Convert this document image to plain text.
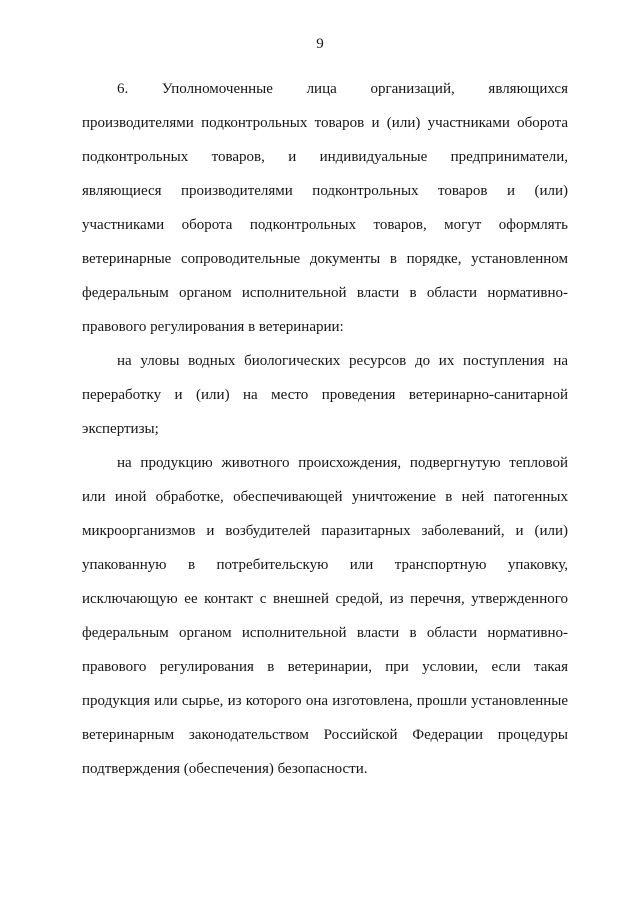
9
6. Уполномоченные лица организаций, являющихся
производителями подконтрольных товаров и (или) участниками оборота
подконтрольных товаров, и индивидуальные предприниматели,
являющиеся производителями подконтрольных товаров и (или)
участниками оборота подконтрольных товаров, могут оформлять
ветеринарные сопроводительные документы в порядке, установленном
федеральным органом исполнительной власти в области нормативно-
правового регулирования в ветеринарии:
на уловы водных биологических ресурсов до их поступления на
переработку и (или) на место проведения ветеринарно-санитарной
экспертизы;
на продукцию животного происхождения, подвергнутую тепловой
или иной обработке, обеспечивающей уничтожение в ней патогенных
микроорганизмов и возбудителей паразитарных заболеваний, и (или)
упакованную в потребительскую или транспортную упаковку,
исключающую ее контакт с внешней средой, из перечня, утвержденного
федеральным органом исполнительной власти в области нормативно-
правового регулирования в ветеринарии, при условии, если такая
продукция или сырье, из которого она изготовлена, прошли установленные
ветеринарным законодательством Российской Федерации процедуры
подтверждения (обеспечения) безопасности.
